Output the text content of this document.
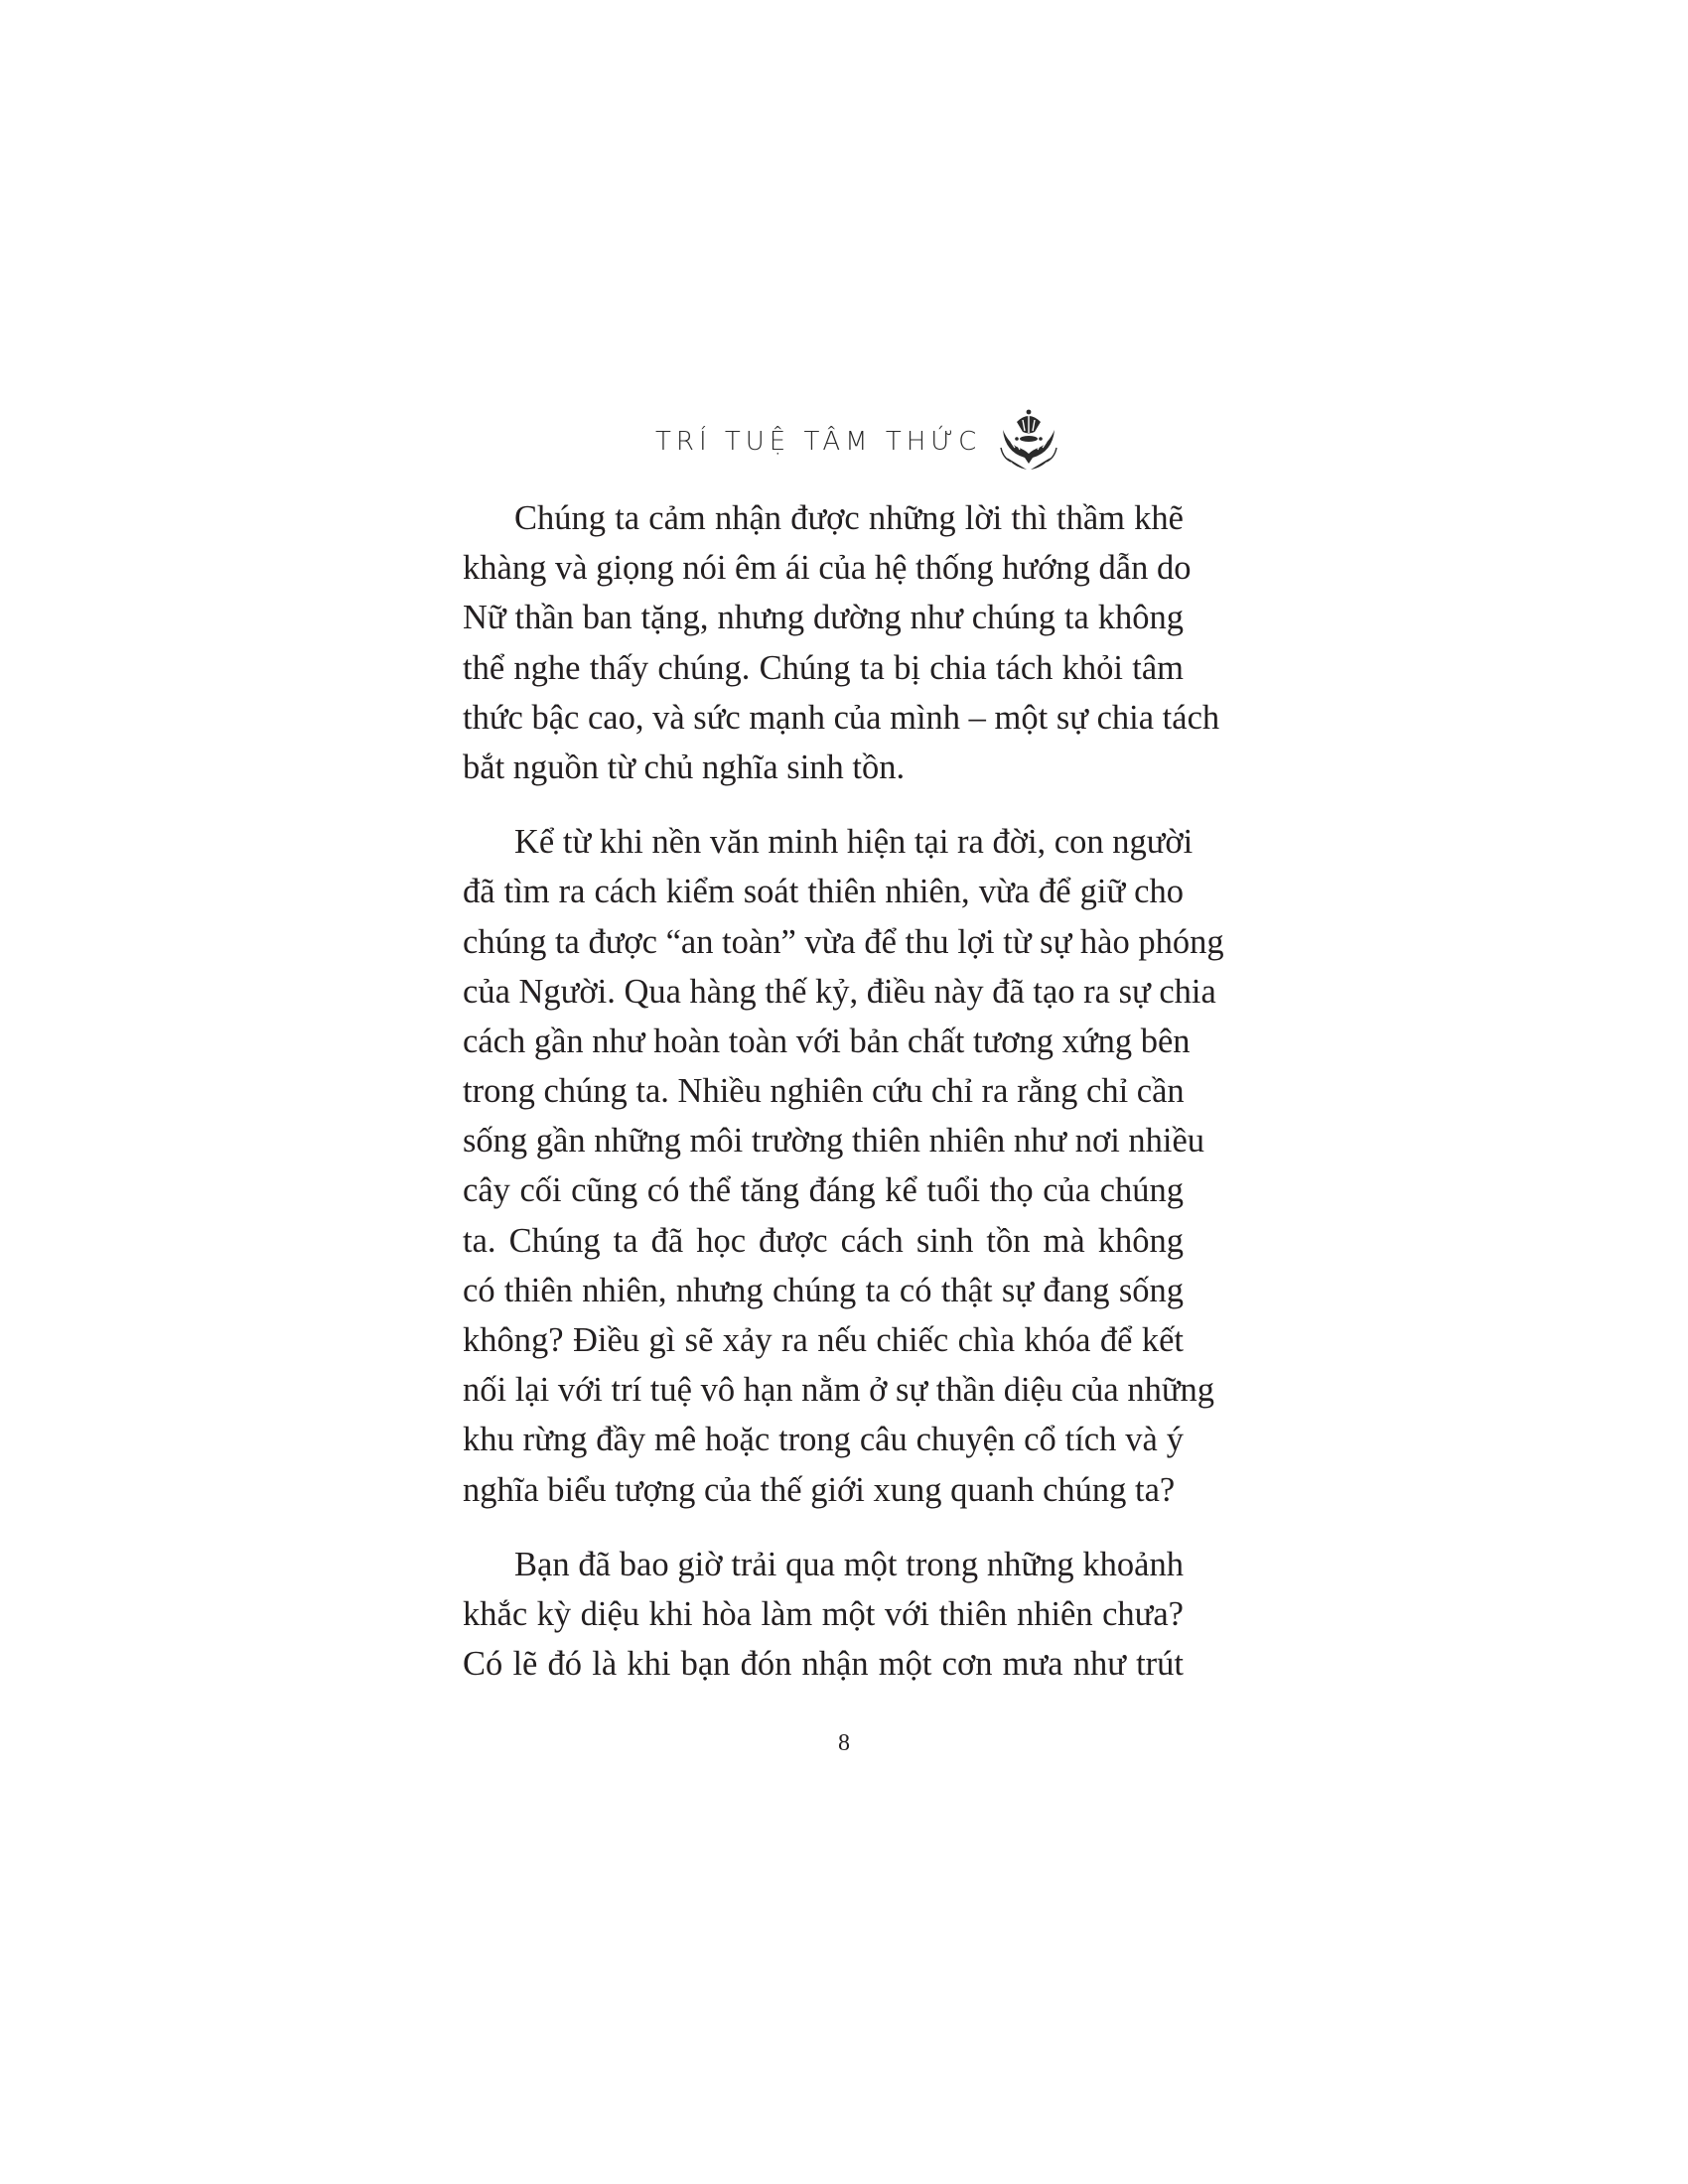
TRÍ TUỆ TÂM THỨC

Chúng ta cảm nhận được những lời thì thầm khẽ
khàng và giọng nói êm ái của hệ thống hướng dẫn do
Nữ thần ban tặng, nhưng dường như chúng ta không
thể nghe thấy chúng. Chúng ta bị chia tách khỏi tâm
thức bậc cao, và sức mạnh của mình – một sự chia tách
bắt nguồn từ chủ nghĩa sinh tồn.

Kể từ khi nền văn minh hiện tại ra đời, con người
đã tìm ra cách kiểm soát thiên nhiên, vừa để giữ cho
chúng ta được “an toàn” vừa để thu lợi từ sự hào phóng
của Người. Qua hàng thế kỷ, điều này đã tạo ra sự chia
cách gần như hoàn toàn với bản chất tương xứng bên
trong chúng ta. Nhiều nghiên cứu chỉ ra rằng chỉ cần
sống gần những môi trường thiên nhiên như nơi nhiều
cây cối cũng có thể tăng đáng kể tuổi thọ của chúng
ta. Chúng ta đã học được cách sinh tồn mà không
có thiên nhiên, nhưng chúng ta có thật sự đang sống
không? Điều gì sẽ xảy ra nếu chiếc chìa khóa để kết
nối lại với trí tuệ vô hạn nằm ở sự thần diệu của những
khu rừng đầy mê hoặc trong câu chuyện cổ tích và ý
nghĩa biểu tượng của thế giới xung quanh chúng ta?

Bạn đã bao giờ trải qua một trong những khoảnh
khắc kỳ diệu khi hòa làm một với thiên nhiên chưa?
Có lẽ đó là khi bạn đón nhận một cơn mưa như trút

8
